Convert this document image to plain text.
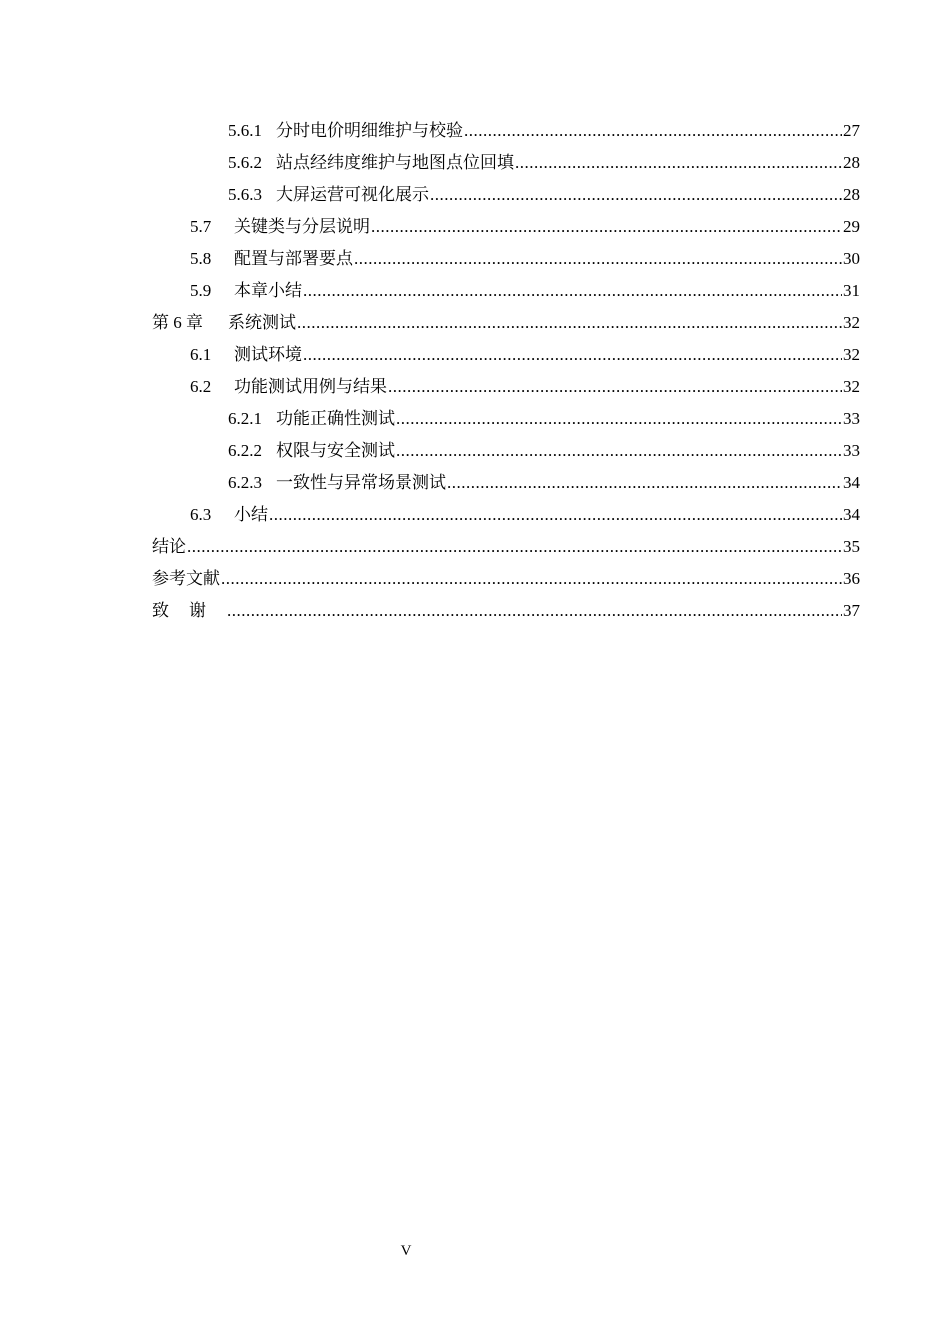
5.6.1 分时电价明细维护与校验 .....	27
5.6.2 站点经纬度维护与地图点位回填 .....	28
5.6.3 大屏运营可视化展示 .....	28
5.7	关键类与分层说明 .....	29
5.8	配置与部署要点 .....	30
5.9	本章小结 .....	31
第 6 章	系统测试 .....	32
6.1	测试环境 .....	32
6.2	功能测试用例与结果 .....	32
6.2.1 功能正确性测试 .....	33
6.2.2 权限与安全测试 .....	33
6.2.3 一致性与异常场景测试 .....	34
6.3	小结 .....	34
结论 .....	35
参考文献 .....	36
致谢 .....	37
V
